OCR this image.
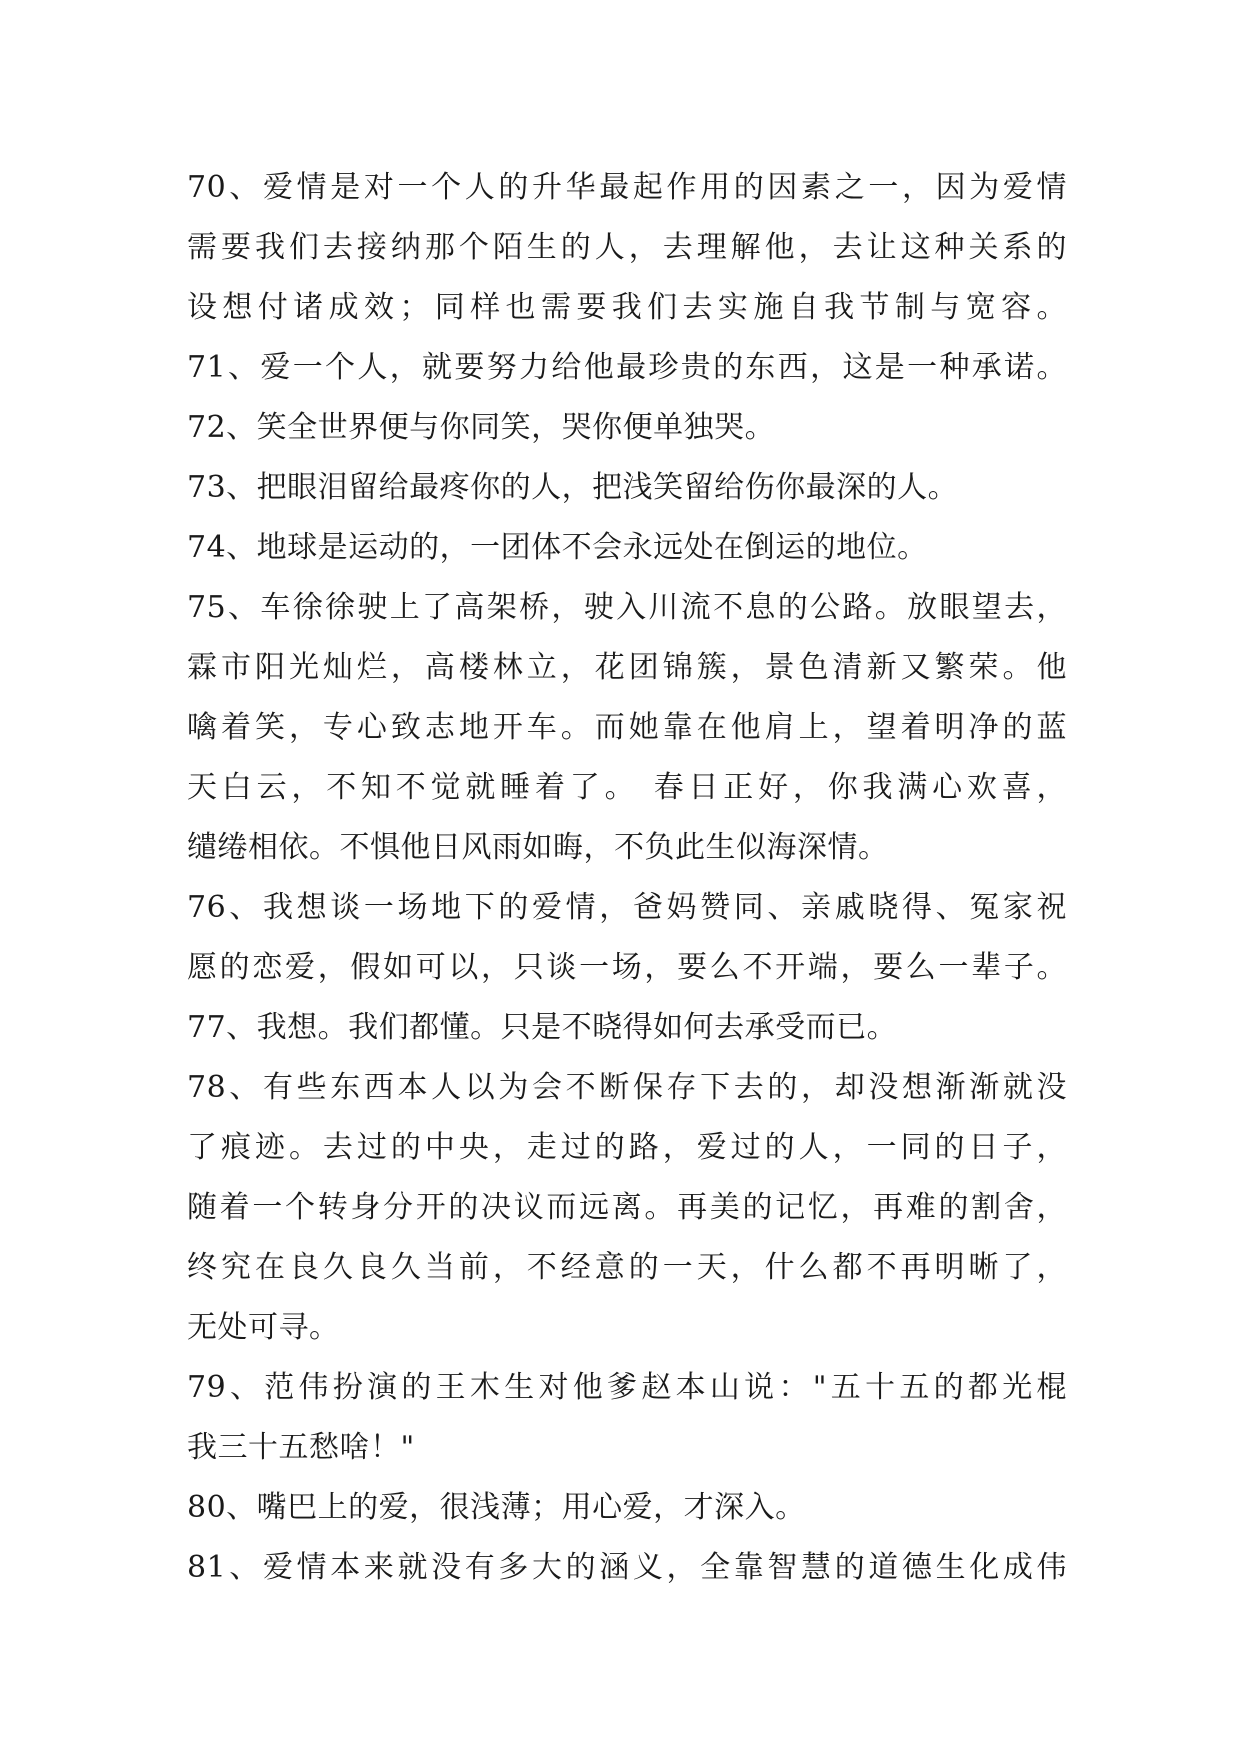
70、爱情是对一个人的升华最起作用的因素之一，因为爱情
需要我们去接纳那个陌生的人，去理解他，去让这种关系的
设想付诸成效；同样也需要我们去实施自我节制与宽容。
71、爱一个人，就要努力给他最珍贵的东西，这是一种承诺。
72、笑全世界便与你同笑，哭你便单独哭。
73、把眼泪留给最疼你的人，把浅笑留给伤你最深的人。
74、地球是运动的，一团体不会永远处在倒运的地位。
75、车徐徐驶上了高架桥，驶入川流不息的公路。放眼望去，
霖市阳光灿烂，高楼林立，花团锦簇，景色清新又繁荣。他
噙着笑，专心致志地开车。而她靠在他肩上，望着明净的蓝
天白云，不知不觉就睡着了。 春日正好，你我满心欢喜，
缱绻相依。不惧他日风雨如晦，不负此生似海深情。
76、我想谈一场地下的爱情，爸妈赞同、亲戚晓得、冤家祝
愿的恋爱，假如可以，只谈一场，要么不开端，要么一辈子。
77、我想。我们都懂。只是不晓得如何去承受而已。
78、有些东西本人以为会不断保存下去的，却没想渐渐就没
了痕迹。去过的中央，走过的路，爱过的人，一同的日子，
随着一个转身分开的决议而远离。再美的记忆，再难的割舍，
终究在良久良久当前，不经意的一天，什么都不再明晰了，
无处可寻。
79、范伟扮演的王木生对他爹赵本山说："五十五的都光棍
我三十五愁啥！"
80、嘴巴上的爱，很浅薄；用心爱，才深入。
81、爱情本来就没有多大的涵义，全靠智慧的道德生化成伟
